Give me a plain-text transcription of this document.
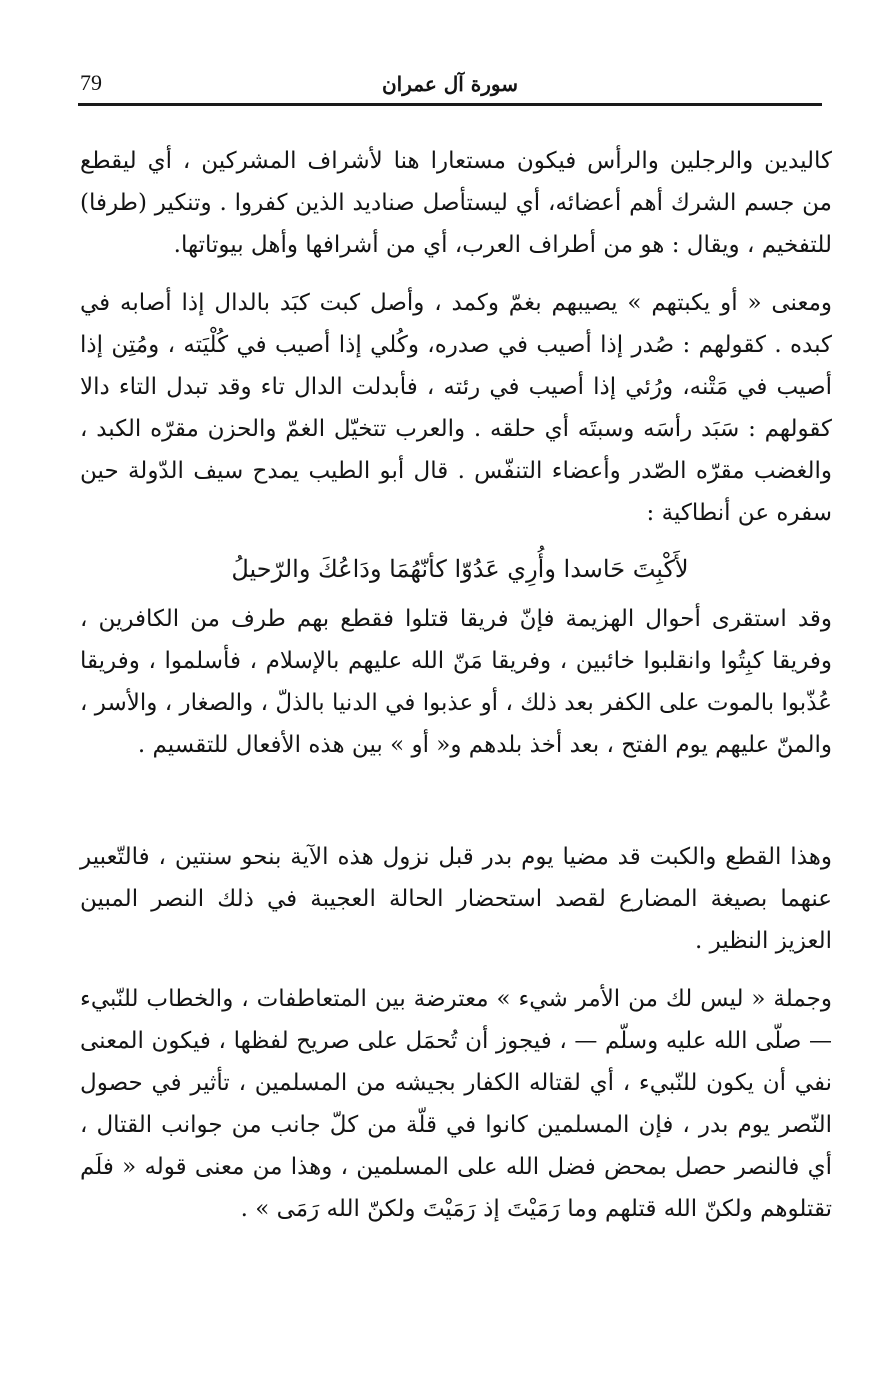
79	سورة آل عمران

كاليدين والرجلين والرأس فيكون مستعارا هنا لأشراف المشركين ، أي ليقطع من جسم الشرك أهم أعضائه، أي ليستأصل صناديد الذين كفروا . وتنكير (طرفا) للتفخيم ، ويقال : هو من أطراف العرب، أي من أشرافها وأهل بيوتاتها.

ومعنى « أو يكبتهم » يصيبهم بغمّ وكمد ، وأصل كبت كبَد بالدال إذا أصابه في كبده . كقولهم : صُدر إذا أصيب في صدره، وكُلي إذا أصيب في كُلْيَته ، ومُتِن إذا أصيب في مَتْنه، ورُئي إذا أصيب في رئته ، فأبدلت الدال تاء وقد تبدل التاء دالا كقولهم : سَبَد رأسَه وسبتَه أي حلقه . والعرب تتخيّل الغمّ والحزن مقرّه الكبد ، والغضب مقرّه الصّدر وأعضاء التنفّس . قال أبو الطيب يمدح سيف الدّولة حين سفره عن أنطاكية :

لأَكْبِتَ حَاسدا وأُرِي عَدُوّا كأنّهُمَا ودَاعُكَ والرّحيلُ

وقد استقرى أحوال الهزيمة فإنّ فريقا قتلوا فقطع بهم طرف من الكافرين ، وفريقا كبِتُوا وانقلبوا خائبين ، وفريقا مَنّ الله عليهم بالإسلام ، فأسلموا ، وفريقا عُذّبوا بالموت على الكفر بعد ذلك ، أو عذبوا في الدنيا بالذلّ ، والصغار ، والأسر ، والمنّ عليهم يوم الفتح ، بعد أخذ بلدهم و« أو » بين هذه الأفعال للتقسيم .

وهذا القطع والكبت قد مضيا يوم بدر قبل نزول هذه الآية بنحو سنتين ، فالتّعبير عنهما بصيغة المضارع لقصد استحضار الحالة العجيبة في ذلك النصر المبين العزيز النظير .

وجملة « ليس لك من الأمر شيء » معترضة بين المتعاطفات ، والخطاب للنّبيء — صلّى الله عليه وسلّم — ، فيجوز أن تُحمَل على صريح لفظها ، فيكون المعنى نفي أن يكون للنّبيء ، أي لقتاله الكفار بجيشه من المسلمين ، تأثير في حصول النّصر يوم بدر ، فإن المسلمين كانوا في قلّة من كلّ جانب من جوانب القتال ، أي فالنصر حصل بمحض فضل الله على المسلمين ، وهذا من معنى قوله « فلَم تقتلوهم ولكنّ الله قتلهم وما رَمَيْتَ إذ رَمَيْتَ ولكنّ الله رَمَى » .
